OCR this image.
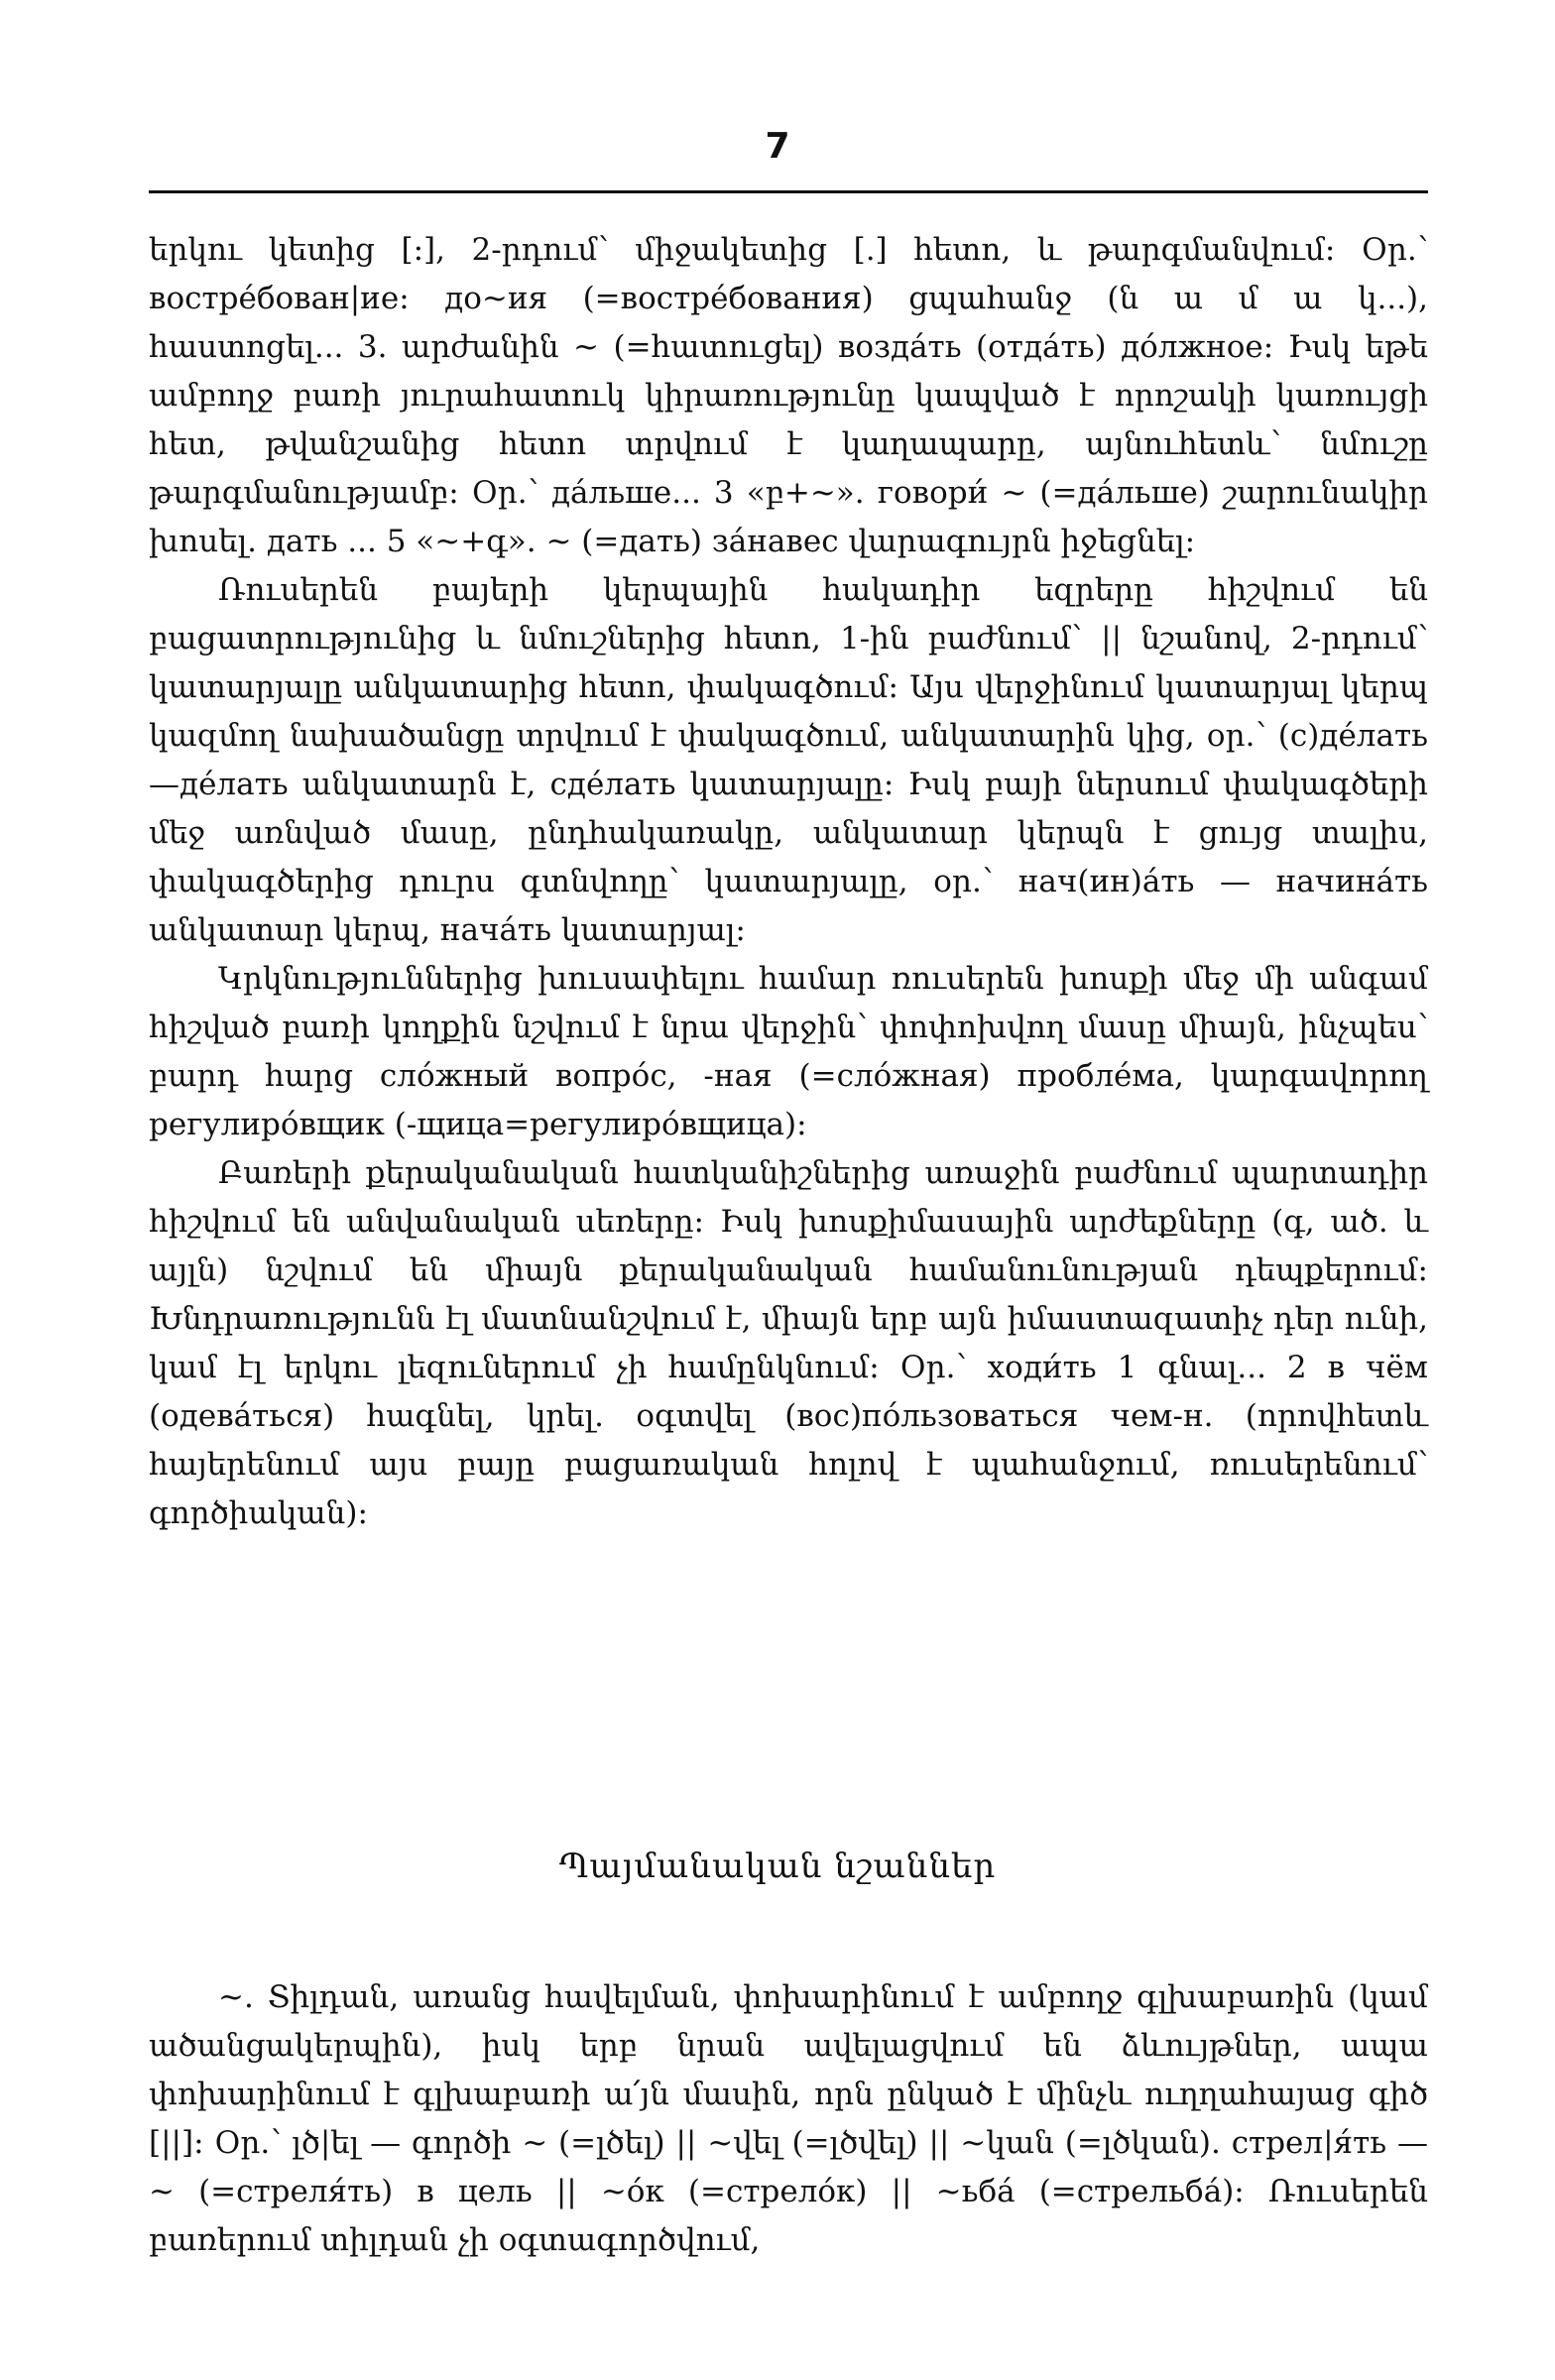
7

երկու կետից [:], 2-րդում՝ միջակետից [.] հետո, և թարգմանվում։ Օր.՝ востре́бован|ие: до~ия (=востре́бования) ցպահանջ (ն ա մ ա կ...), հաստոցել... 3. արժանին ~ (=հատուցել) возда́ть (отда́ть) до́лжное։ Իսկ եթե ամբողջ բառի յուրահատուկ կիրառությունը կապված է որոշակի կառույցի հետ, թվանշանից հետո տրվում է կաղապարը, այնուհետև՝ նմուշը թարգմանությամբ։ Օր.՝ да́льше... 3 «բ+~». говори́ ~ (=да́льше) շարունակիր խոսել. дать ... 5 «~+գ». ~ (=дать) за́навес վարագույրն իջեցնել։

Ռուսերեն բայերի կերպային հակադիր եզրերը հիշվում են բացատրությունից և նմուշներից հետո, 1-ին բաժնում՝ || նշանով, 2-րդում՝ կատարյալը անկատարից հետո, փակագծում։ Այս վերջինում կատարյալ կերպ կազմող նախածանցը տրվում է փակագծում, անկատարին կից, օր.՝ (с)де́лать—де́лать անկատարն է, сде́лать կատարյալը։ Իսկ բայի ներսում փակագծերի մեջ առնված մասը, ընդհակառակը, անկատար կերպն է ցույց տալիս, փակագծերից դուրս գտնվողը՝ կատարյալը, օր.՝ нач(ин)а́ть — начина́ть անկատար կերպ, нача́ть կատարյալ։

Կրկնություններից խուսափելու համար ռուսերեն խոսքի մեջ մի անգամ հիշված բառի կողքին նշվում է նրա վերջին՝ փոփոխվող մասը միայն, ինչպես՝ բարդ հարց сло́жный вопро́с, -ная (=сло́жная) пробле́ма, կարգավորող регулиро́вщик (-щица=регулиро́вщица)։

Բառերի քերականական հատկանիշներից առաջին բաժնում պարտադիր հիշվում են անվանական սեռերը։ Իսկ խոսքիմասային արժեքները (գ, ած. և այլն) նշվում են միայն քերականական համանունության դեպքերում։ Խնդրառությունն էլ մատնանշվում է, միայն երբ այն իմաստազատիչ դեր ունի, կամ էլ երկու լեզուներում չի համընկնում։ Օր.՝ ходи́ть 1 գնալ... 2 в чём (одева́ться) հագնել, կրել. օգտվել (вос)по́льзоваться чем-н. (որովհետև հայերենում այս բայը բացառական հոլով է պահանջում, ռուսերենում՝ գործիական)։

Պայմանական նշաններ

~. Տիլդան, առանց հավելման, փոխարինում է ամբողջ գլխաբառին (կամ ածանցակերպին), իսկ երբ նրան ավելացվում են ձևույթներ, ապա փոխարինում է գլխաբառի ա՛յն մասին, որն ընկած է մինչև ուղղահայաց գիծ [||]։ Օր.՝ լծ|ել — գործի ~ (=լծել) || ~վել (=լծվել) || ~կան (=լծկան). стрел|я́ть — ~ (=стреля́ть) в цель || ~о́к (=стрело́к) || ~ьба́ (=стрельба́)։ Ռուսերեն բառերում տիլդան չի օգտագործվում,
